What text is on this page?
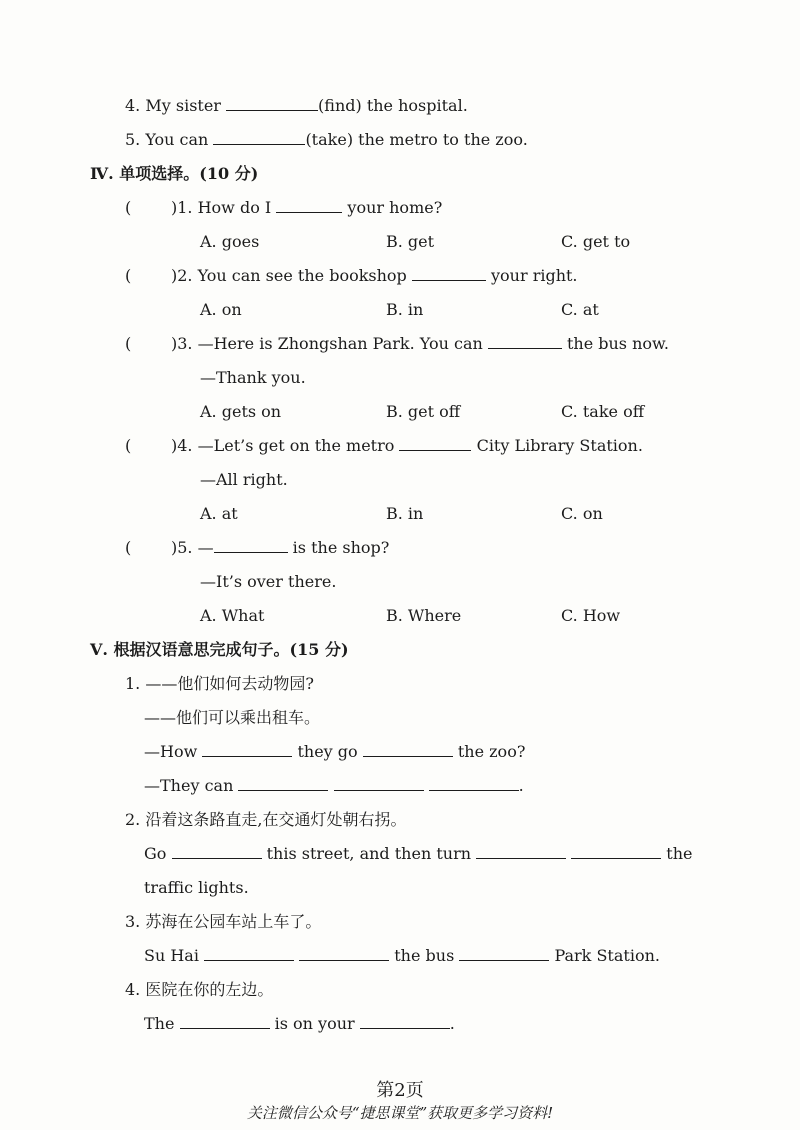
4. My sister	(find) the hospital.
5. You can	(take) the metro to the zoo.
Ⅳ. 单项选择。(10 分)
( )1. How do I	your home?
A. goes	B. get	C. get to
( )2. You can see the bookshop	your right.
A. on	B. in	C. at
( )3. —Here is Zhongshan Park. You can	the bus now.
—Thank you.
A. gets on	B. get off	C. take off
( )4. —Let’s get on the metro	City Library Station.
—All right.
A. at	B. in	C. on
( )5. —	is the shop?
—It’s over there.
A. What	B. Where	C. How
Ⅴ. 根据汉语意思完成句子。(15 分)
1. ——他们如何去动物园?
——他们可以乘出租车。
—How	they go	the zoo?
—They can	.
2. 沿着这条路直走,在交通灯处朝右拐。
Go	this street, and then turn	the
traffic lights.
3. 苏海在公园车站上车了。
Su Hai	the bus	Park Station.
4. 医院在你的左边。
The	is on your	.
第2页
关注微信公众号“捷思课堂”获取更多学习资料!
